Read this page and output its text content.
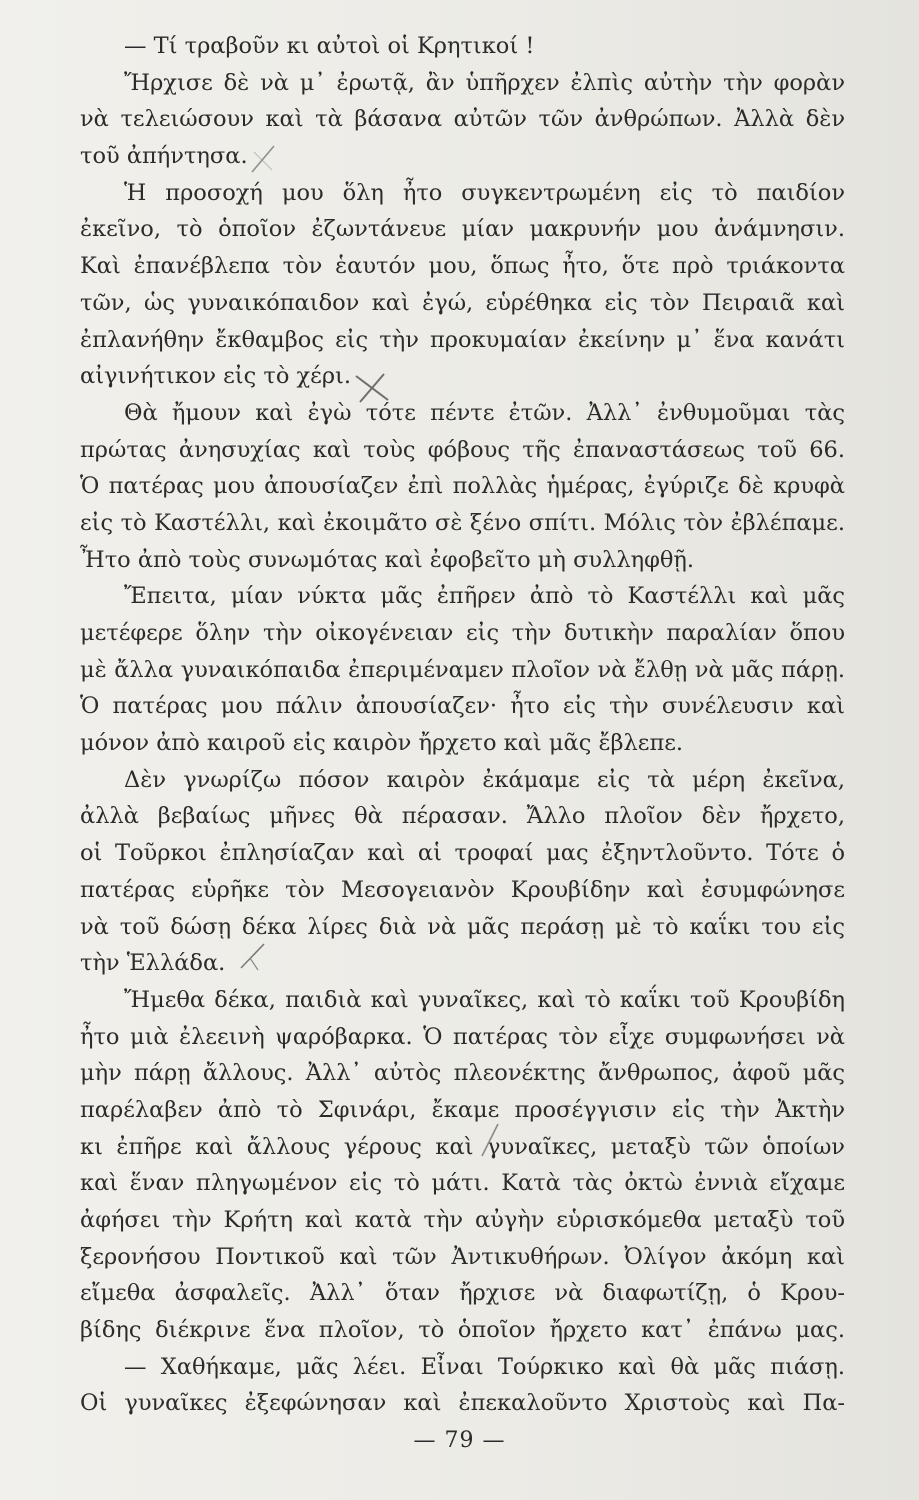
— Τί τραβοῦν κι αὐτοὶ οἱ Κρητικοί !
Ἤρχισε δὲ νὰ μ᾽ ἐρωτᾷ, ἂν ὑπῆρχεν ἐλπὶς αὐτὴν τὴν φορὰν
νὰ τελειώσουν καὶ τὰ βάσανα αὐτῶν τῶν ἀνθρώπων. Ἀλλὰ δὲν
τοῦ ἀπήντησα.
Ἡ προσοχή μου ὅλη ἦτο συγκεντρωμένη εἰς τὸ παιδίον
ἐκεῖνο, τὸ ὁποῖον ἐζωντάνευε μίαν μακρυνήν μου ἀνάμνησιν.
Καὶ ἐπανέβλεπα τὸν ἑαυτόν μου, ὅπως ἦτο, ὅτε πρὸ τριάκοντα
τῶν, ὡς γυναικόπαιδον καὶ ἐγώ, εὑρέθηκα εἰς τὸν Πειραιᾶ καὶ
ἐπλανήθην ἔκθαμβος εἰς τὴν προκυμαίαν ἐκείνην μ᾽ ἕνα κανάτι
αἰγινήτικον εἰς τὸ χέρι.
Θὰ ἤμουν καὶ ἐγὼ τότε πέντε ἐτῶν. Ἀλλ᾽ ἐνθυμοῦμαι τὰς
πρώτας ἀνησυχίας καὶ τοὺς φόβους τῆς ἐπαναστάσεως τοῦ 66.
Ὁ πατέρας μου ἀπουσίαζεν ἐπὶ πολλὰς ἡμέρας, ἐγύριζε δὲ κρυφὰ
εἰς τὸ Καστέλλι, καὶ ἐκοιμᾶτο σὲ ξένο σπίτι. Μόλις τὸν ἐβλέπαμε.
Ἦτο ἀπὸ τοὺς συνωμότας καὶ ἐφοβεῖτο μὴ συλληφθῇ.
Ἔπειτα, μίαν νύκτα μᾶς ἐπῆρεν ἀπὸ τὸ Καστέλλι καὶ μᾶς
μετέφερε ὅλην τὴν οἰκογένειαν εἰς τὴν δυτικὴν παραλίαν ὅπου
μὲ ἄλλα γυναικόπαιδα ἐπεριμέναμεν πλοῖον νὰ ἔλθῃ νὰ μᾶς πάρῃ.
Ὁ πατέρας μου πάλιν ἀπουσίαζεν· ἦτο εἰς τὴν συνέλευσιν καὶ
μόνον ἀπὸ καιροῦ εἰς καιρὸν ἤρχετο καὶ μᾶς ἔβλεπε.
Δὲν γνωρίζω πόσον καιρὸν ἐκάμαμε εἰς τὰ μέρη ἐκεῖνα,
ἀλλὰ βεβαίως μῆνες θὰ πέρασαν. Ἄλλο πλοῖον δὲν ἤρχετο,
οἱ Τοῦρκοι ἐπλησίαζαν καὶ αἱ τροφαί μας ἐξηντλοῦντο. Τότε ὁ
πατέρας εὑρῆκε τὸν Μεσογειανὸν Κρουβίδην καὶ ἐσυμφώνησε
νὰ τοῦ δώσῃ δέκα λίρες διὰ νὰ μᾶς περάσῃ μὲ τὸ καΐκι του εἰς
τὴν Ἑλλάδα.
Ἤμεθα δέκα, παιδιὰ καὶ γυναῖκες, καὶ τὸ καΐκι τοῦ Κρουβίδη
ἦτο μιὰ ἐλεεινὴ ψαρόβαρκα. Ὁ πατέρας τὸν εἶχε συμφωνήσει νὰ
μὴν πάρῃ ἄλλους. Ἀλλ᾽ αὐτὸς πλεονέκτης ἄνθρωπος, ἀφοῦ μᾶς
παρέλαβεν ἀπὸ τὸ Σφινάρι, ἔκαμε προσέγγισιν εἰς τὴν Ἀκτὴν
κι ἐπῆρε καὶ ἄλλους γέρους καὶ γυναῖκες, μεταξὺ τῶν ὁποίων
καὶ ἕναν πληγωμένον εἰς τὸ μάτι. Κατὰ τὰς ὀκτὼ ἐννιὰ εἴχαμε
ἀφήσει τὴν Κρήτη καὶ κατὰ τὴν αὐγὴν εὑρισκόμεθα μεταξὺ τοῦ
ξερονήσου Ποντικοῦ καὶ τῶν Ἀντικυθήρων. Ὀλίγον ἀκόμη καὶ
εἴμεθα ἀσφαλεῖς. Ἀλλ᾽ ὅταν ἤρχισε νὰ διαφωτίζῃ, ὁ Κρου-
βίδης διέκρινε ἕνα πλοῖον, τὸ ὁποῖον ἤρχετο κατ᾽ ἐπάνω μας.
— Χαθήκαμε, μᾶς λέει. Εἶναι Τούρκικο καὶ θὰ μᾶς πιάσῃ.
Οἱ γυναῖκες ἐξεφώνησαν καὶ ἐπεκαλοῦντο Χριστοὺς καὶ Πα-
— 79 —
